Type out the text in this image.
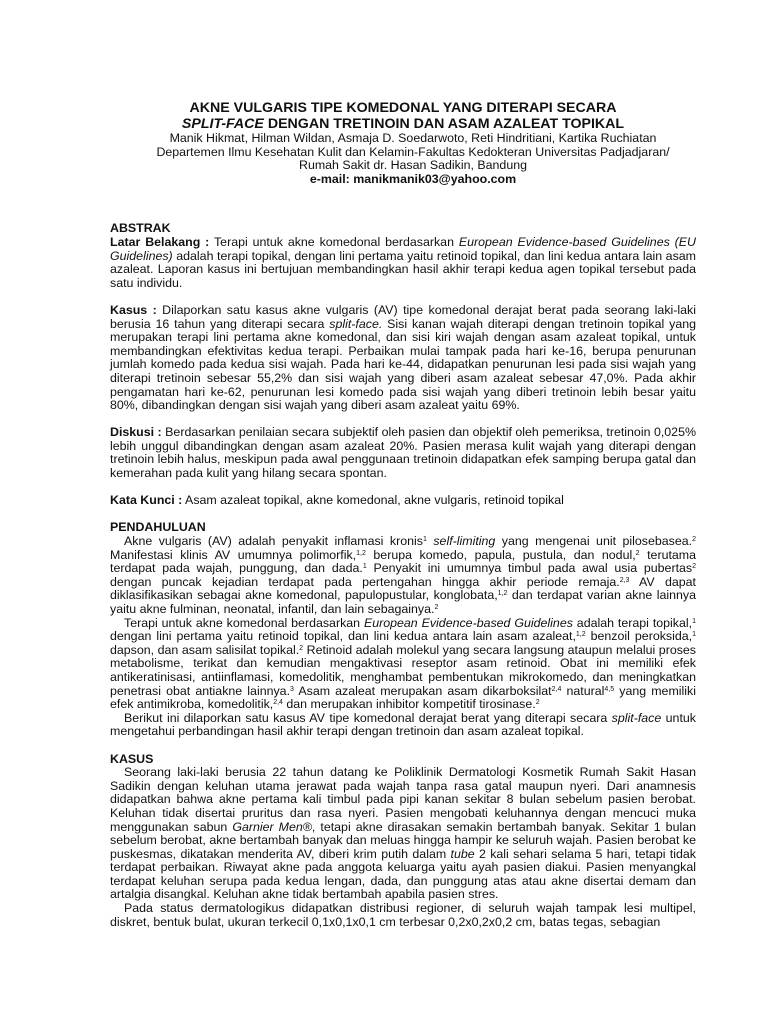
AKNE VULGARIS TIPE KOMEDONAL YANG DITERAPI SECARA
SPLIT-FACE DENGAN TRETINOIN DAN ASAM AZALEAT TOPIKAL
Manik Hikmat, Hilman Wildan, Asmaja D. Soedarwoto, Reti Hindritiani, Kartika Ruchiatan
Departemen Ilmu Kesehatan Kulit dan Kelamin-Fakultas Kedokteran Universitas Padjadjaran/
Rumah Sakit dr. Hasan Sadikin, Bandung
e-mail: manikmanik03@yahoo.com
ABSTRAK

Latar Belakang : Terapi untuk akne komedonal berdasarkan European Evidence-based Guidelines (EU Guidelines) adalah terapi topikal, dengan lini pertama yaitu retinoid topikal, dan lini kedua antara lain asam azaleat. Laporan kasus ini bertujuan membandingkan hasil akhir terapi kedua agen topikal tersebut pada satu individu.

Kasus : Dilaporkan satu kasus akne vulgaris (AV) tipe komedonal derajat berat pada seorang laki-laki berusia 16 tahun yang diterapi secara split-face. Sisi kanan wajah diterapi dengan tretinoin topikal yang merupakan terapi lini pertama akne komedonal, dan sisi kiri wajah dengan asam azaleat topikal, untuk membandingkan efektivitas kedua terapi. Perbaikan mulai tampak pada hari ke-16, berupa penurunan jumlah komedo pada kedua sisi wajah. Pada hari ke-44, didapatkan penurunan lesi pada sisi wajah yang diterapi tretinoin sebesar 55,2% dan sisi wajah yang diberi asam azaleat sebesar 47,0%. Pada akhir pengamatan hari ke-62, penurunan lesi komedo pada sisi wajah yang diberi tretinoin lebih besar yaitu 80%, dibandingkan dengan sisi wajah yang diberi asam azaleat yaitu 69%.

Diskusi : Berdasarkan penilaian secara subjektif oleh pasien dan objektif oleh pemeriksa, tretinoin 0,025% lebih unggul dibandingkan dengan asam azaleat 20%. Pasien merasa kulit wajah yang diterapi dengan tretinoin lebih halus, meskipun pada awal penggunaan tretinoin didapatkan efek samping berupa gatal dan kemerahan pada kulit yang hilang secara spontan.

Kata Kunci : Asam azaleat topikal, akne komedonal, akne vulgaris, retinoid topikal

PENDAHULUAN

Akne vulgaris (AV) adalah penyakit inflamasi kronis$^1$ self-limiting yang mengenai unit pilosebasea.$^2$ Manifestasi klinis AV umumnya polimorfik,$^{1,2}$ berupa komedo, papula, pustula, dan nodul,$^2$ terutama terdapat pada wajah, punggung, dan dada.$^1$ Penyakit ini umumnya timbul pada awal usia pubertas$^2$ dengan puncak kejadian terdapat pada pertengahan hingga akhir periode remaja.$^{2,3}$ AV dapat diklasifikasikan sebagai akne komedonal, papulopustular, konglobata,$^{1,2}$ dan terdapat varian akne lainnya yaitu akne fulminan, neonatal, infantil, dan lain sebagainya.$^2$

Terapi untuk akne komedonal berdasarkan European Evidence-based Guidelines adalah terapi topikal,$^1$ dengan lini pertama yaitu retinoid topikal, dan lini kedua antara lain asam azaleat,$^{1,2}$ benzoil peroksida,$^1$ dapson, dan asam salisilat topikal.$^2$ Retinoid adalah molekul yang secara langsung ataupun melalui proses metabolisme, terikat dan kemudian mengaktivasi reseptor asam retinoid. Obat ini memiliki efek antikeratinisasi, antiinflamasi, komedolitik, menghambat pembentukan mikrokomedo, dan meningkatkan penetrasi obat antiakne lainnya.$^3$ Asam azaleat merupakan asam dikarboksilat$^{2,4}$ natural$^{4,5}$ yang memiliki efek antimikroba, komedolitik,$^{2,4}$ dan merupakan inhibitor kompetitif tirosinase.$^2$

Berikut ini dilaporkan satu kasus AV tipe komedonal derajat berat yang diterapi secara split-face untuk mengetahui perbandingan hasil akhir terapi dengan tretinoin dan asam azaleat topikal.

KASUS

Seorang laki-laki berusia 22 tahun datang ke Poliklinik Dermatologi Kosmetik Rumah Sakit Hasan Sadikin dengan keluhan utama jerawat pada wajah tanpa rasa gatal maupun nyeri. Dari anamnesis didapatkan bahwa akne pertama kali timbul pada pipi kanan sekitar 8 bulan sebelum pasien berobat. Keluhan tidak disertai pruritus dan rasa nyeri. Pasien mengobati keluhannya dengan mencuci muka menggunakan sabun Garnier Men®, tetapi akne dirasakan semakin bertambah banyak. Sekitar 1 bulan sebelum berobat, akne bertambah banyak dan meluas hingga hampir ke seluruh wajah. Pasien berobat ke puskesmas, dikatakan menderita AV, diberi krim putih dalam tube 2 kali sehari selama 5 hari, tetapi tidak terdapat perbaikan. Riwayat akne pada anggota keluarga yaitu ayah pasien diakui. Pasien menyangkal terdapat keluhan serupa pada kedua lengan, dada, dan punggung atas atau akne disertai demam dan artalgia disangkal. Keluhan akne tidak bertambah apabila pasien stres.

Pada status dermatologikus didapatkan distribusi regioner, di seluruh wajah tampak lesi multipel, diskret, bentuk bulat, ukuran terkecil 0,1x0,1x0,1 cm terbesar 0,2x0,2x0,2 cm, batas tegas, sebagian
